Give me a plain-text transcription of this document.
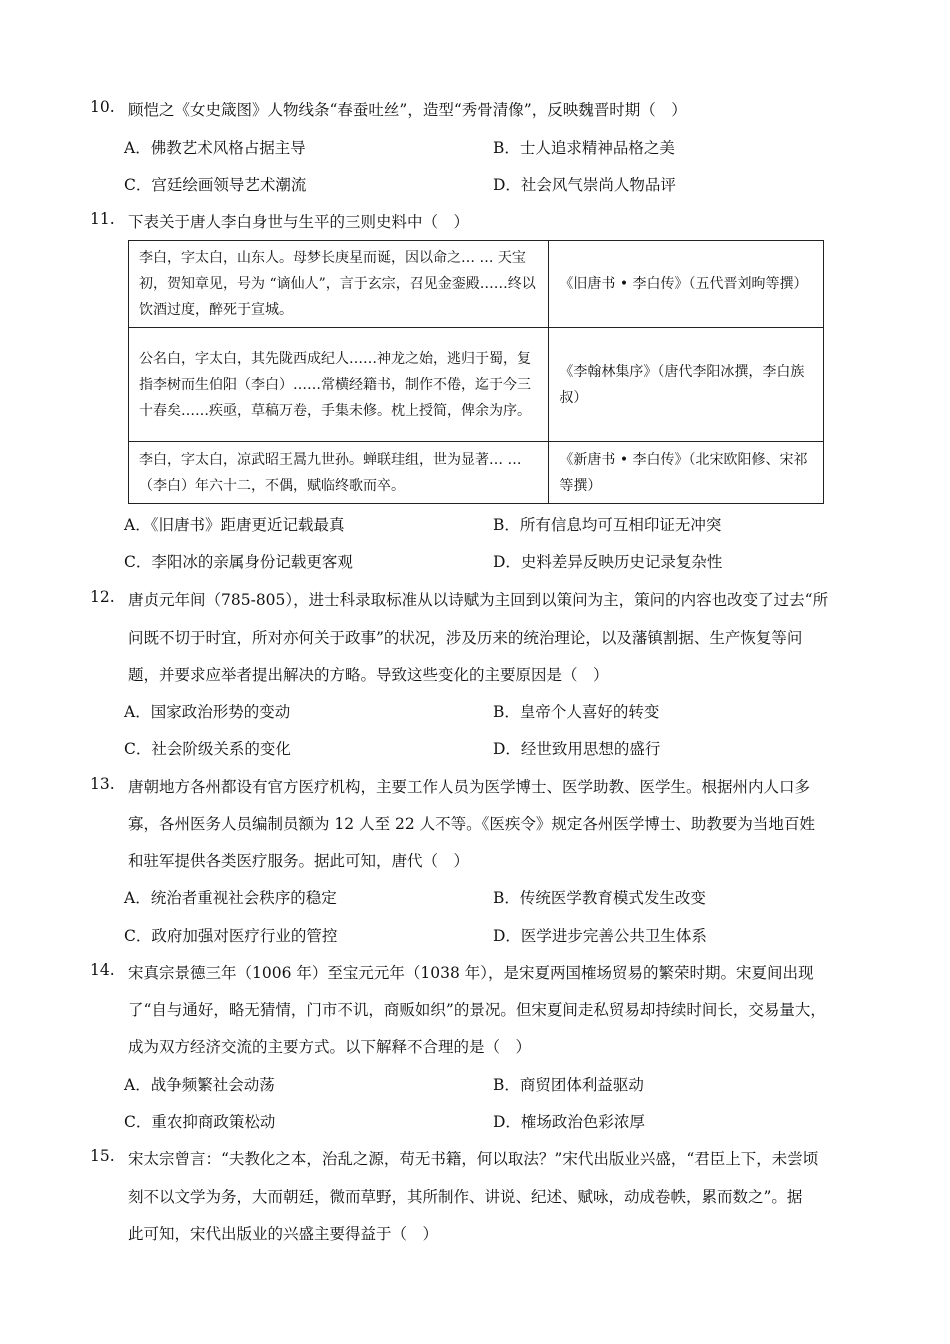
10. 顾恺之《女史箴图》人物线条“春蚕吐丝”，造型“秀骨清像”，反映魏晋时期（　）
A．佛教艺术风格占据主导	B．士人追求精神品格之美
C．宫廷绘画领导艺术潮流	D．社会风气崇尚人物品评
11. 下表关于唐人李白身世与生平的三则史料中（　）
李白，字太白，山东人。母梦长庚星而诞，因以命之… … 天宝初，贺知章见，号为 “谪仙人”，言于玄宗，召见金銮殿……终以饮酒过度，醉死于宣城。	《旧唐书 • 李白传》（五代晋刘昫等撰）
公名白，字太白，其先陇西成纪人……神龙之始，逃归于蜀，复指李树而生伯阳（李白）……常横经籍书，制作不倦，迄于今三十春矣……疾亟，草稿万卷，手集未修。枕上授简，俾余为序。	《李翰林集序》（唐代李阳冰撰，李白族叔）
李白，字太白，凉武昭王暠九世孙。蝉联珪组，世为显著… … （李白）年六十二，不偶，赋临终歌而卒。	《新唐书 • 李白传》（北宋欧阳修、宋祁等撰）
A．《旧唐书》距唐更近记载最真	B．所有信息均可互相印证无冲突
C．李阳冰的亲属身份记载更客观	D．史料差异反映历史记录复杂性
12. 唐贞元年间（785-805），进士科录取标准从以诗赋为主回到以策问为主，策问的内容也改变了过去“所
问既不切于时宜，所对亦何关于政事”的状况，涉及历来的统治理论，以及藩镇割据、生产恢复等问
题，并要求应举者提出解决的方略。导致这些变化的主要原因是（　）
A．国家政治形势的变动	B．皇帝个人喜好的转变
C．社会阶级关系的变化	D．经世致用思想的盛行
13. 唐朝地方各州都设有官方医疗机构，主要工作人员为医学博士、医学助教、医学生。根据州内人口多
寡，各州医务人员编制员额为 12 人至 22 人不等。《医疾令》规定各州医学博士、助教要为当地百姓
和驻军提供各类医疗服务。据此可知，唐代（　）
A．统治者重视社会秩序的稳定	B．传统医学教育模式发生改变
C．政府加强对医疗行业的管控	D．医学进步完善公共卫生体系
14. 宋真宗景德三年（1006 年）至宝元元年（1038 年），是宋夏两国榷场贸易的繁荣时期。宋夏间出现
了“自与通好，略无猜情，门市不讥，商贩如织”的景况。但宋夏间走私贸易却持续时间长，交易量大，
成为双方经济交流的主要方式。以下解释不合理的是（　）
A．战争频繁社会动荡	B．商贸团体利益驱动
C．重农抑商政策松动	D．榷场政治色彩浓厚
15. 宋太宗曾言：“夫教化之本，治乱之源，苟无书籍，何以取法？”宋代出版业兴盛，“君臣上下，未尝顷
刻不以文学为务，大而朝廷，微而草野，其所制作、讲说、纪述、赋咏，动成卷帙，累而数之”。据
此可知，宋代出版业的兴盛主要得益于（　）
